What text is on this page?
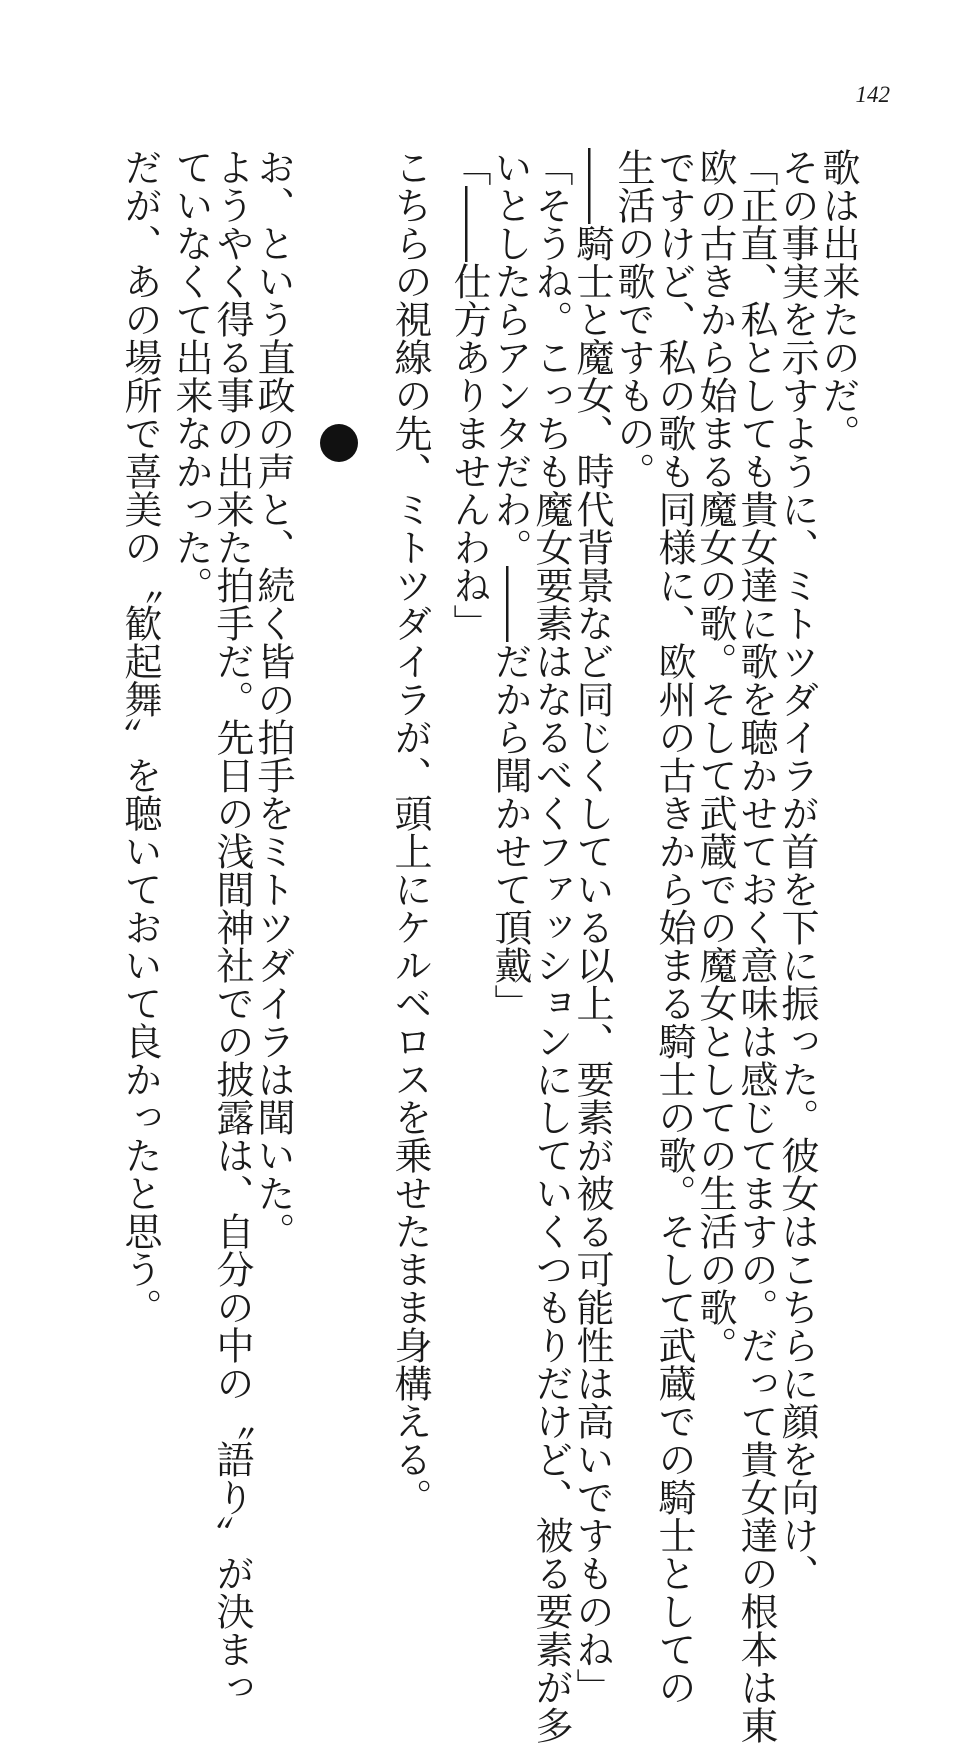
142
歌は出来たのだ。
その事実を示すように、ミトツダイラが首を下に振った。彼女はこちらに顔を向け、
「正直、私としても貴女達に歌を聴かせておく意味は感じてますの。だって貴女達の根本は東
欧の古きから始まる魔女の歌。そして武蔵での魔女としての生活の歌。
ですけど、私の歌も同様に、欧州の古きから始まる騎士の歌。そして武蔵での騎士としての
生活の歌ですもの。
――騎士と魔女、時代背景など同じくしている以上、要素が被る可能性は高いですものね」
「そうね。こっちも魔女要素はなるべくファッションにしていくつもりだけど、被る要素が多
いとしたらアンタだわ。――だから聞かせて頂戴」
「――仕方ありませんわね」
こちらの視線の先、ミトツダイラが、頭上にケルベロスを乗せたまま身構える。
お、という直政の声と、続く皆の拍手をミトツダイラは聞いた。
ようやく得る事の出来た拍手だ。先日の浅間神社での披露は、自分の中の〝語り〟が決まっ
ていなくて出来なかった。
だが、あの場所で喜美の〝歓起舞〟を聴いておいて良かったと思う。
